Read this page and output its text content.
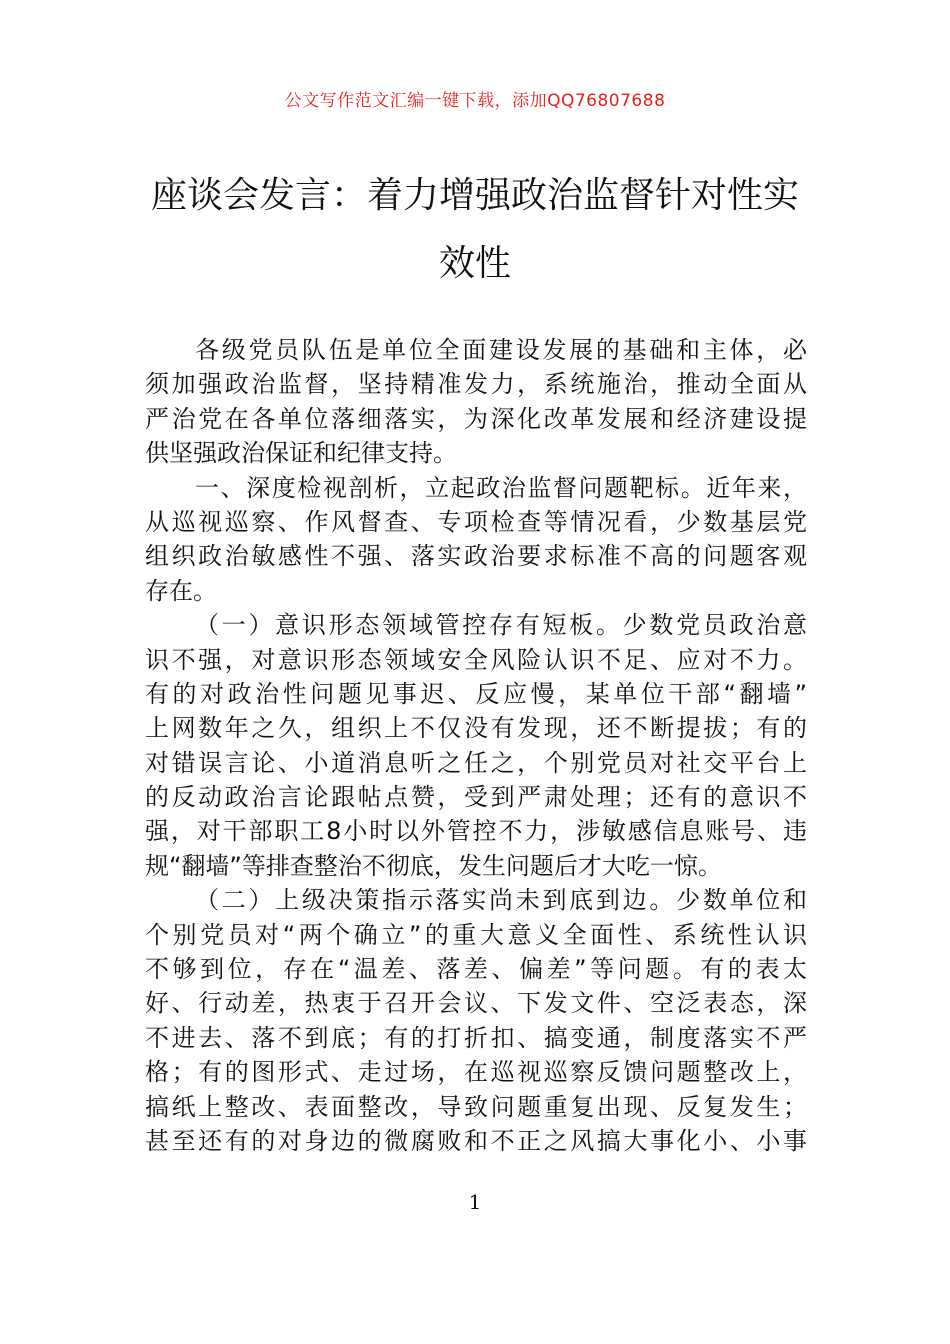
公文写作范文汇编一键下载，添加QQ76807688
座谈会发言：着力增强政治监督针对性实
效性
各级党员队伍是单位全面建设发展的基础和主体，必
须加强政治监督，坚持精准发力，系统施治，推动全面从
严治党在各单位落细落实，为深化改革发展和经济建设提
供坚强政治保证和纪律支持。
一、深度检视剖析，立起政治监督问题靶标。近年来，
从巡视巡察、作风督查、专项检查等情况看，少数基层党
组织政治敏感性不强、落实政治要求标准不高的问题客观
存在。
（一）意识形态领域管控存有短板。少数党员政治意
识不强，对意识形态领域安全风险认识不足、应对不力。
有的对政治性问题见事迟、反应慢，某单位干部“翻墙”
上网数年之久，组织上不仅没有发现，还不断提拔；有的
对错误言论、小道消息听之任之，个别党员对社交平台上
的反动政治言论跟帖点赞，受到严肃处理；还有的意识不
强，对干部职工8小时以外管控不力，涉敏感信息账号、违
规“翻墙”等排查整治不彻底，发生问题后才大吃一惊。
（二）上级决策指示落实尚未到底到边。少数单位和
个别党员对“两个确立”的重大意义全面性、系统性认识
不够到位，存在“温差、落差、偏差”等问题。有的表太
好、行动差，热衷于召开会议、下发文件、空泛表态，深
不进去、落不到底；有的打折扣、搞变通，制度落实不严
格；有的图形式、走过场，在巡视巡察反馈问题整改上，
搞纸上整改、表面整改，导致问题重复出现、反复发生；
甚至还有的对身边的微腐败和不正之风搞大事化小、小事
1
